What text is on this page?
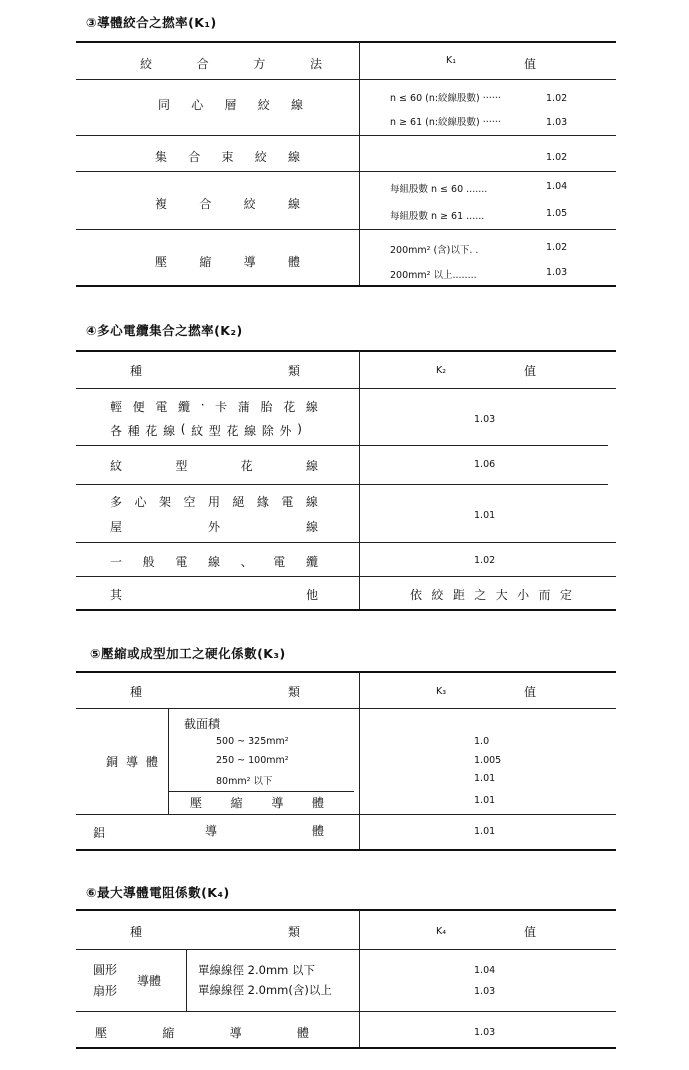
③導體絞合之撚率(K₁)
絞	合	方	法	K₁	值
同 心 層 絞 線	n ≤ 60 (n:絞線股數) ······	1.02
n ≥ 61 (n:絞線股數) ······	1.03
集 合 束 絞 線	1.02
複	合	絞	線
每組股數 n ≤ 60 .......	1.04
每組股數 n ≥ 61 ......	1.05
壓	縮	導	體
200mm² (含)以下. .	1.02
200mm² 以上........	1.03
④多心電纜集合之撚率(K₂)
種	類	K₂	值
輕 便 電 纜 · 卡 蒲 胎 花 線
各 種 花 線 ( 紋 型 花 線 除 外 )
1.03
紋	型	花	線	1.06
多 心 架 空 用 絕 緣 電 線
屋	外	線
1.01
一 般 電 線 、 電 纜	1.02
其	他	依 絞 距 之 大 小 而 定
⑤壓縮或成型加工之硬化係數(K₃)
種	類	K₃	值
銅 導 體
截面積
500 ~ 325mm²	1.0
250 ~ 100mm²	1.005
80mm² 以下	1.01
壓 縮 導 體	1.01
鋁	導	體	1.01
⑥最大導體電阻係數(K₄)
種	類	K₄	值
圓形
扇形
導體
單線線徑 2.0mm 以下	1.04
單線線徑 2.0mm(含)以上	1.03
壓	縮	導	體	1.03
